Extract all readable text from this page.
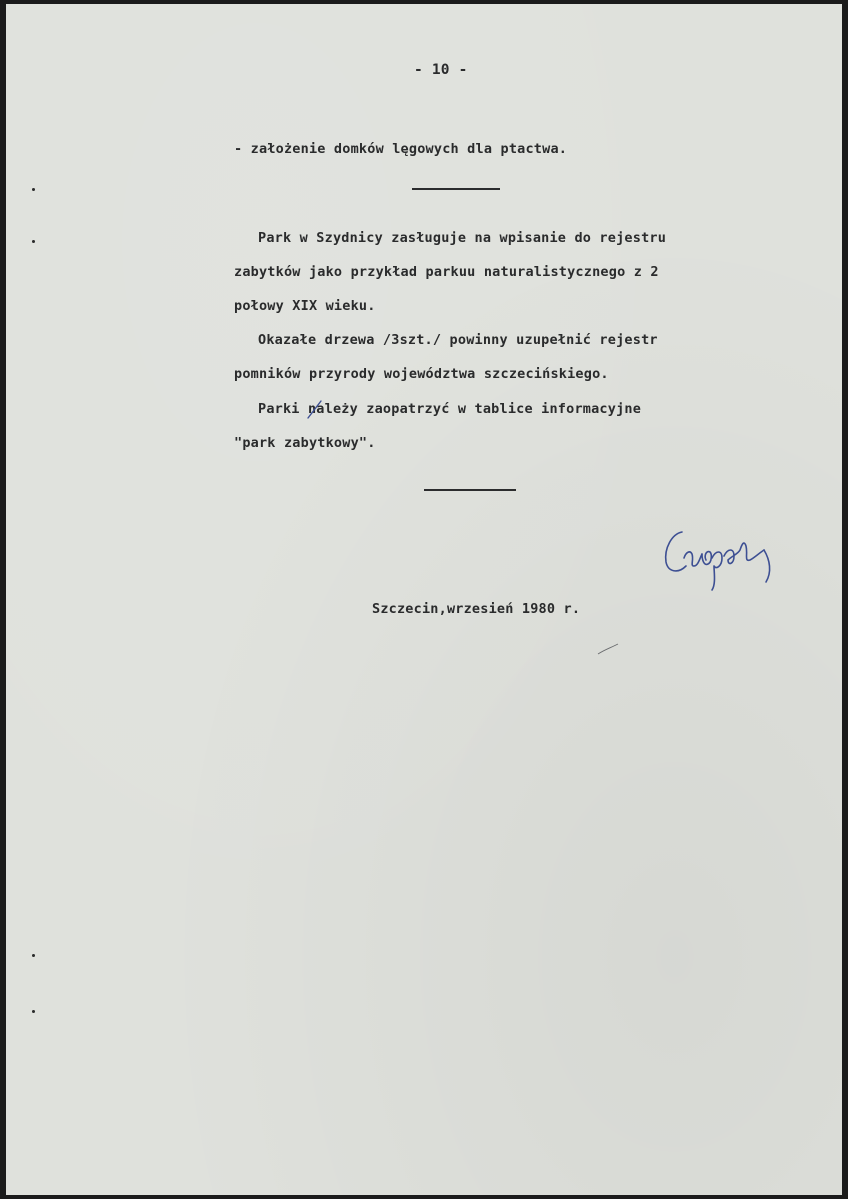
- 10 -
- założenie domków lęgowych dla ptactwa.
Park w Szydnicy zasługuje na wpisanie do rejestru
zabytków jako przykład parkuu naturalistycznego z 2
połowy XIX wieku.
Okazałe drzewa /3szt./ powinny uzupełnić rejestr
pomników przyrody województwa szczecińskiego.
Parki należy zaopatrzyć w tablice informacyjne
"park zabytkowy".
Szczecin,wrzesień 1980 r.
